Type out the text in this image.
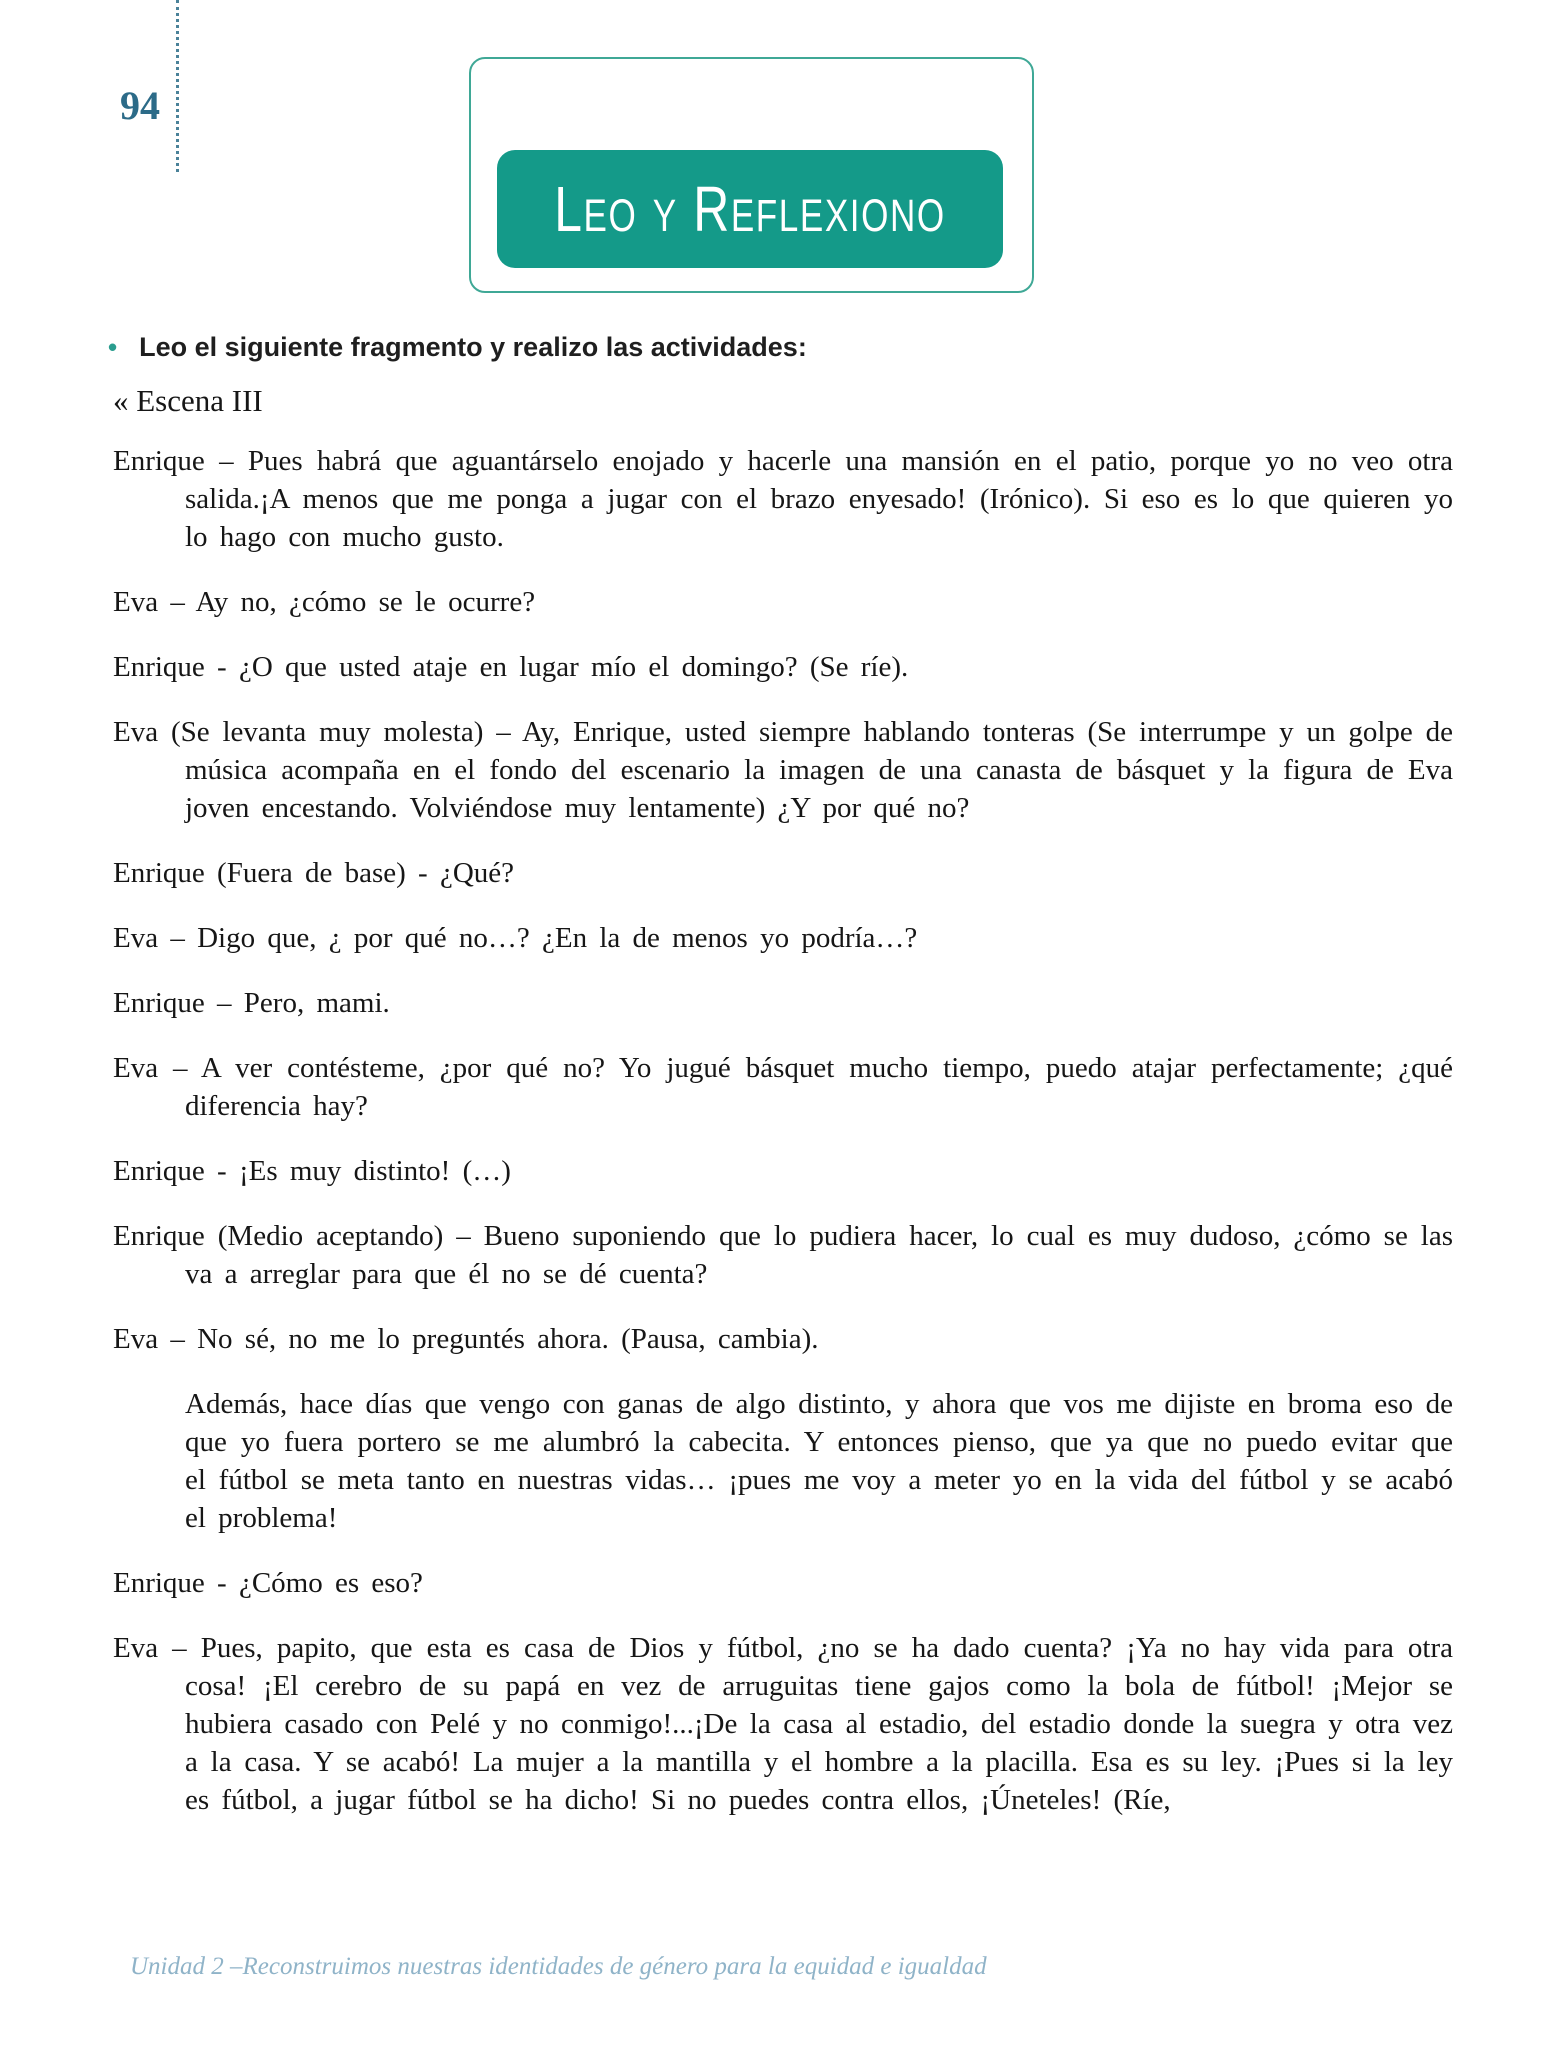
94
Leo y Reflexiono
• Leo el siguiente fragmento y realizo las actividades:
« Escena III
Enrique – Pues habrá que aguantárselo enojado y hacerle una mansión en el patio, porque yo no veo otra salida.¡A menos que me ponga a jugar con el brazo enyesado! (Irónico). Si eso es lo que quieren yo lo hago con mucho gusto.
Eva – Ay no, ¿cómo se le ocurre?
Enrique - ¿O que usted ataje en lugar mío el domingo? (Se ríe).
Eva (Se levanta muy molesta) – Ay, Enrique, usted siempre hablando tonteras (Se interrumpe y un golpe de música acompaña en el fondo del escenario la imagen de una canasta de básquet y la figura de Eva joven encestando. Volviéndose muy lentamente) ¿Y por qué no?
Enrique (Fuera de base) - ¿Qué?
Eva – Digo que, ¿ por qué no…? ¿En la de menos yo podría…?
Enrique – Pero, mami.
Eva – A ver contésteme, ¿por qué no? Yo jugué básquet mucho tiempo, puedo atajar perfectamente; ¿qué diferencia hay?
Enrique - ¡Es muy distinto! (…)
Enrique (Medio aceptando) – Bueno suponiendo que lo pudiera hacer, lo cual es muy dudoso, ¿cómo se las va a arreglar para que él no se dé cuenta?
Eva – No sé, no me lo preguntés ahora. (Pausa, cambia).
Además, hace días que vengo con ganas de algo distinto, y ahora que vos me dijiste en broma eso de que yo fuera portero se me alumbró la cabecita. Y entonces pienso, que ya que no puedo evitar que el fútbol se meta tanto en nuestras vidas… ¡pues me voy a meter yo en la vida del fútbol y se acabó el problema!
Enrique - ¿Cómo es eso?
Eva – Pues, papito, que esta es casa de Dios y fútbol, ¿no se ha dado cuenta? ¡Ya no hay vida para otra cosa! ¡El cerebro de su papá en vez de arruguitas tiene gajos como la bola de fútbol! ¡Mejor se hubiera casado con Pelé y no conmigo!...¡De la casa al estadio, del estadio donde la suegra y otra vez a la casa. Y se acabó! La mujer a la mantilla y el hombre a la placilla. Esa es su ley. ¡Pues si la ley es fútbol, a jugar fútbol se ha dicho! Si no puedes contra ellos, ¡Úneteles! (Ríe,
Unidad 2 –Reconstruimos nuestras identidades de género para la equidad e igualdad
